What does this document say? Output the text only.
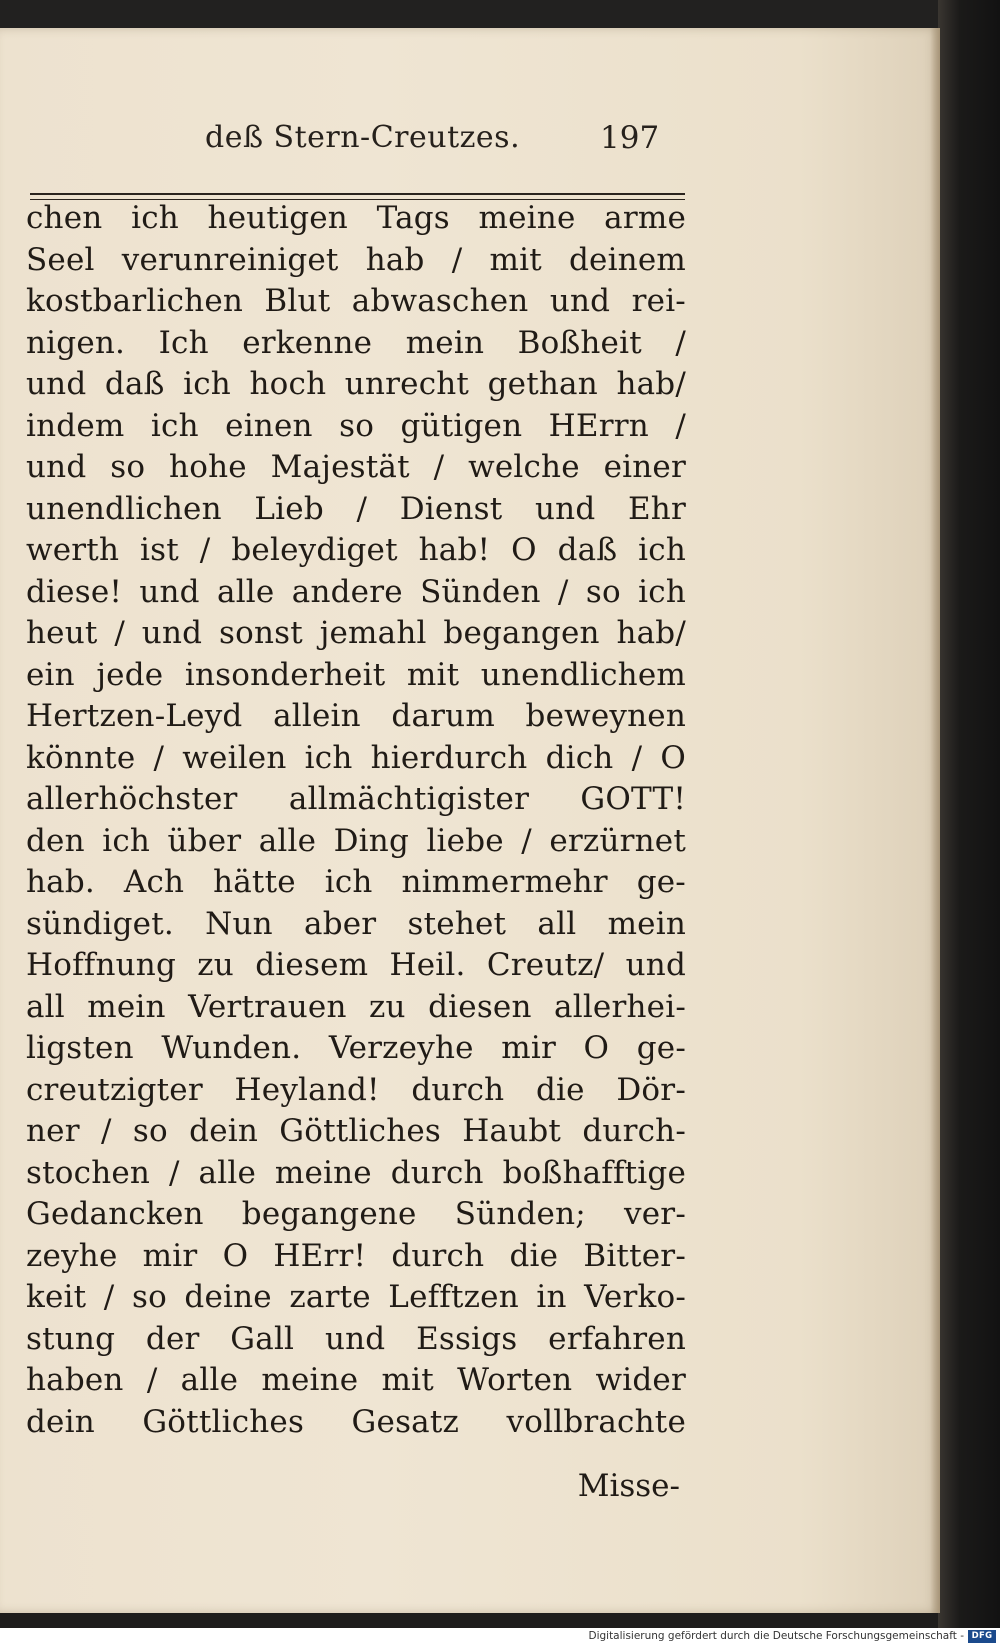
deß Stern-Creutzes.	197
chen ich heutigen Tags meine arme
Seel verunreiniget hab / mit deinem
kostbarlichen Blut abwaschen und rei-
nigen. Ich erkenne mein Boßheit /
und daß ich hoch unrecht gethan hab/
indem ich einen so gütigen HErrn /
und so hohe Majestät / welche einer
unendlichen Lieb / Dienst und Ehr
werth ist / beleydiget hab! O daß ich
diese! und alle andere Sünden / so ich
heut / und sonst jemahl begangen hab/
ein jede insonderheit mit unendlichem
Hertzen-Leyd allein darum beweynen
könnte / weilen ich hierdurch dich / O
allerhöchster allmächtigister GOTT!
den ich über alle Ding liebe / erzürnet
hab. Ach hätte ich nimmermehr ge-
sündiget. Nun aber stehet all mein
Hoffnung zu diesem Heil. Creutz/ und
all mein Vertrauen zu diesen allerhei-
ligsten Wunden. Verzeyhe mir O ge-
creutzigter Heyland! durch die Dör-
ner / so dein Göttliches Haubt durch-
stochen / alle meine durch boßhafftige
Gedancken begangene Sünden; ver-
zeyhe mir O HErr! durch die Bitter-
keit / so deine zarte Lefftzen in Verko-
stung der Gall und Essigs erfahren
haben / alle meine mit Worten wider
dein Göttliches Gesatz vollbrachte
Misse-
Digitalisierung gefördert durch die Deutsche Forschungsgemeinschaft - DFG
